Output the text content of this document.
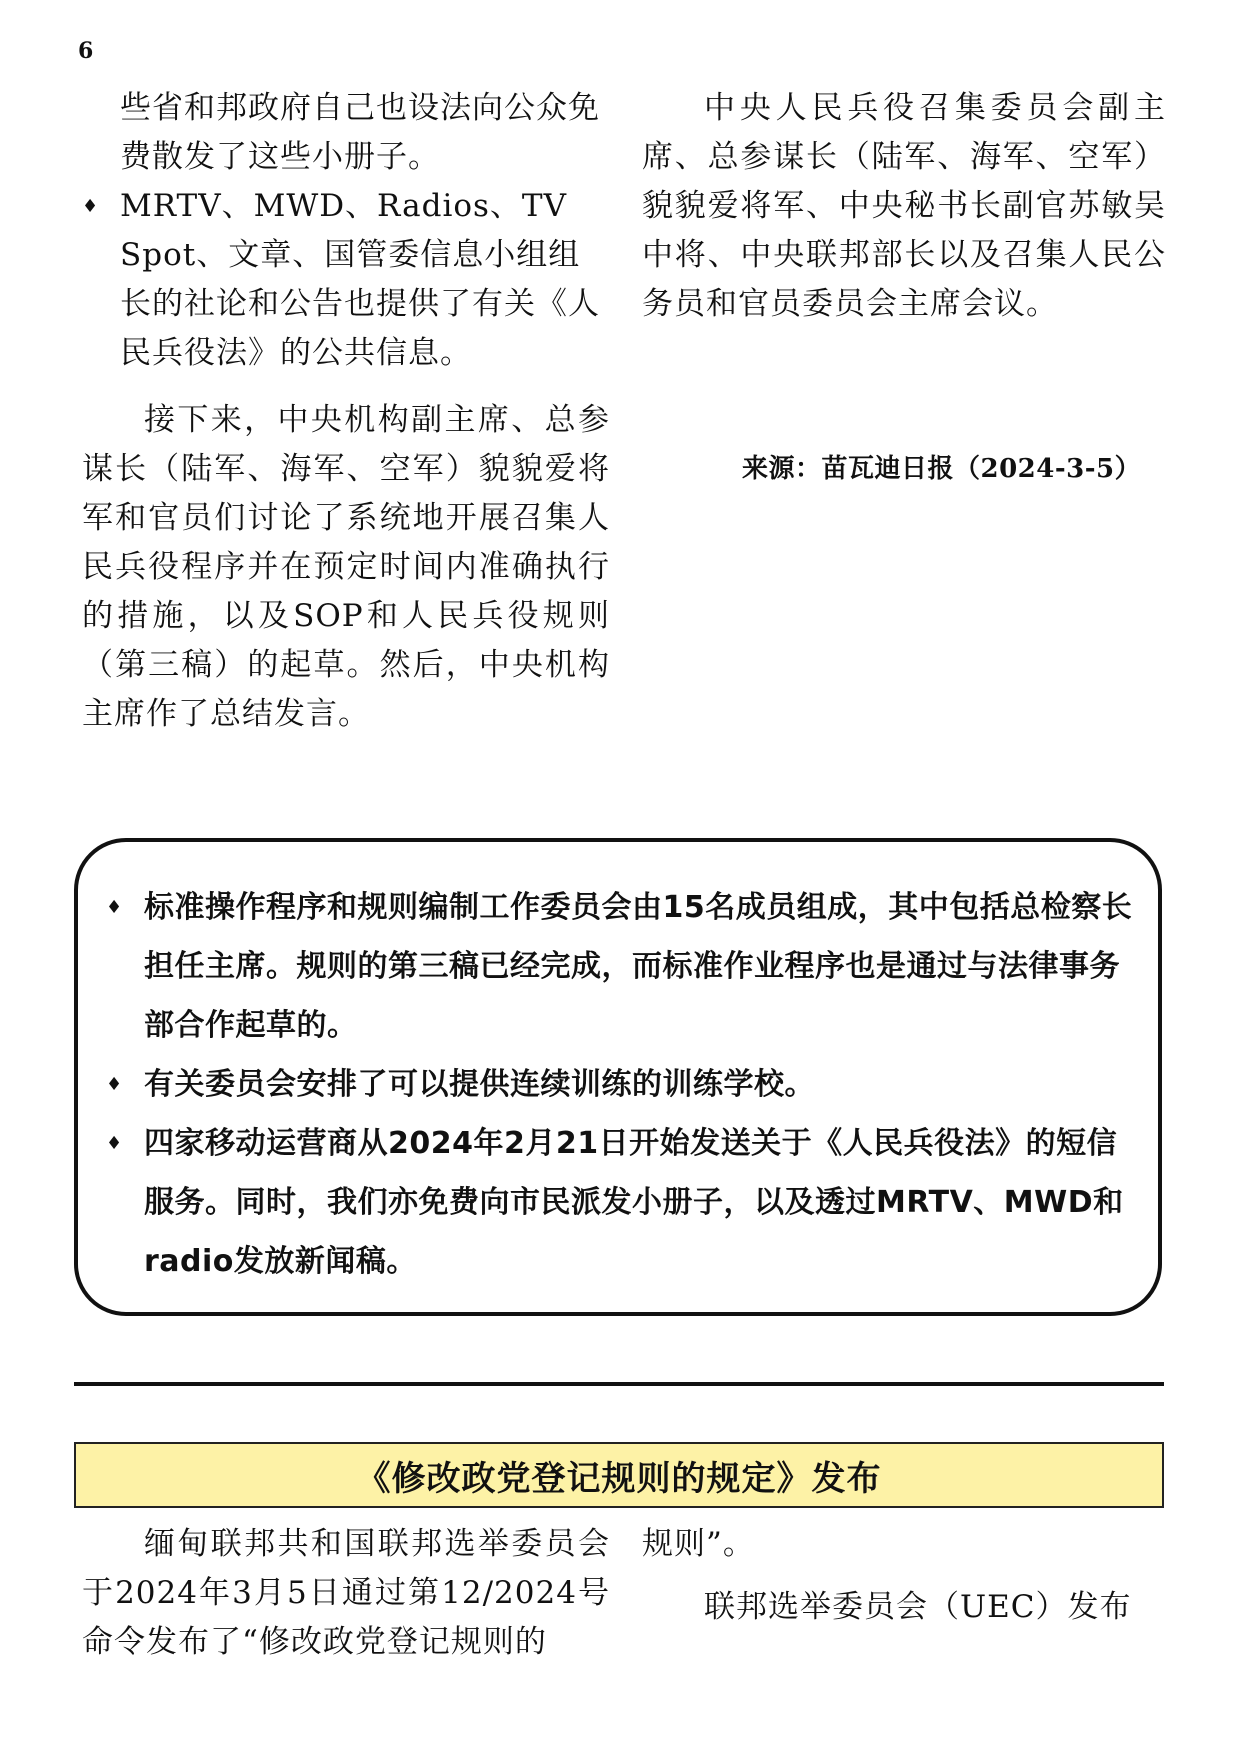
6
些省和邦政府自己也设法向公众免费散发了这些小册子。
♦ MRTV、MWD、Radios、TV　Spot、文章、国管委信息小组组长的社论和公告也提供了有关《人民兵役法》的公共信息。

接下来，中央机构副主席、总参谋长（陆军、海军、空军）貌貌爱将军和官员们讨论了系统地开展召集人民兵役程序并在预定时间内准确执行的措施，以及SOP和人民兵役规则（第三稿）的起草。然后，中央机构主席作了总结发言。

中央人民兵役召集委员会副主席、总参谋长（陆军、海军、空军）貌貌爱将军、中央秘书长副官苏敏吴中将、中央联邦部长以及召集人民公务员和官员委员会主席会议。

来源：苗瓦迪日报（2024-3-5）
♦ 标准操作程序和规则编制工作委员会由15名成员组成，其中包括总检察长担任主席。规则的第三稿已经完成，而标准作业程序也是通过与法律事务部合作起草的。
♦ 有关委员会安排了可以提供连续训练的训练学校。
♦ 四家移动运营商从2024年2月21日开始发送关于《人民兵役法》的短信服务。同时，我们亦免费向市民派发小册子，以及透过MRTV、MWD和radio发放新闻稿。
《修改政党登记规则的规定》发布

缅甸联邦共和国联邦选举委员会于2024年3月5日通过第12/2024号命令发布了“修改政党登记规则的

规则”。

联邦选举委员会（UEC）发布
